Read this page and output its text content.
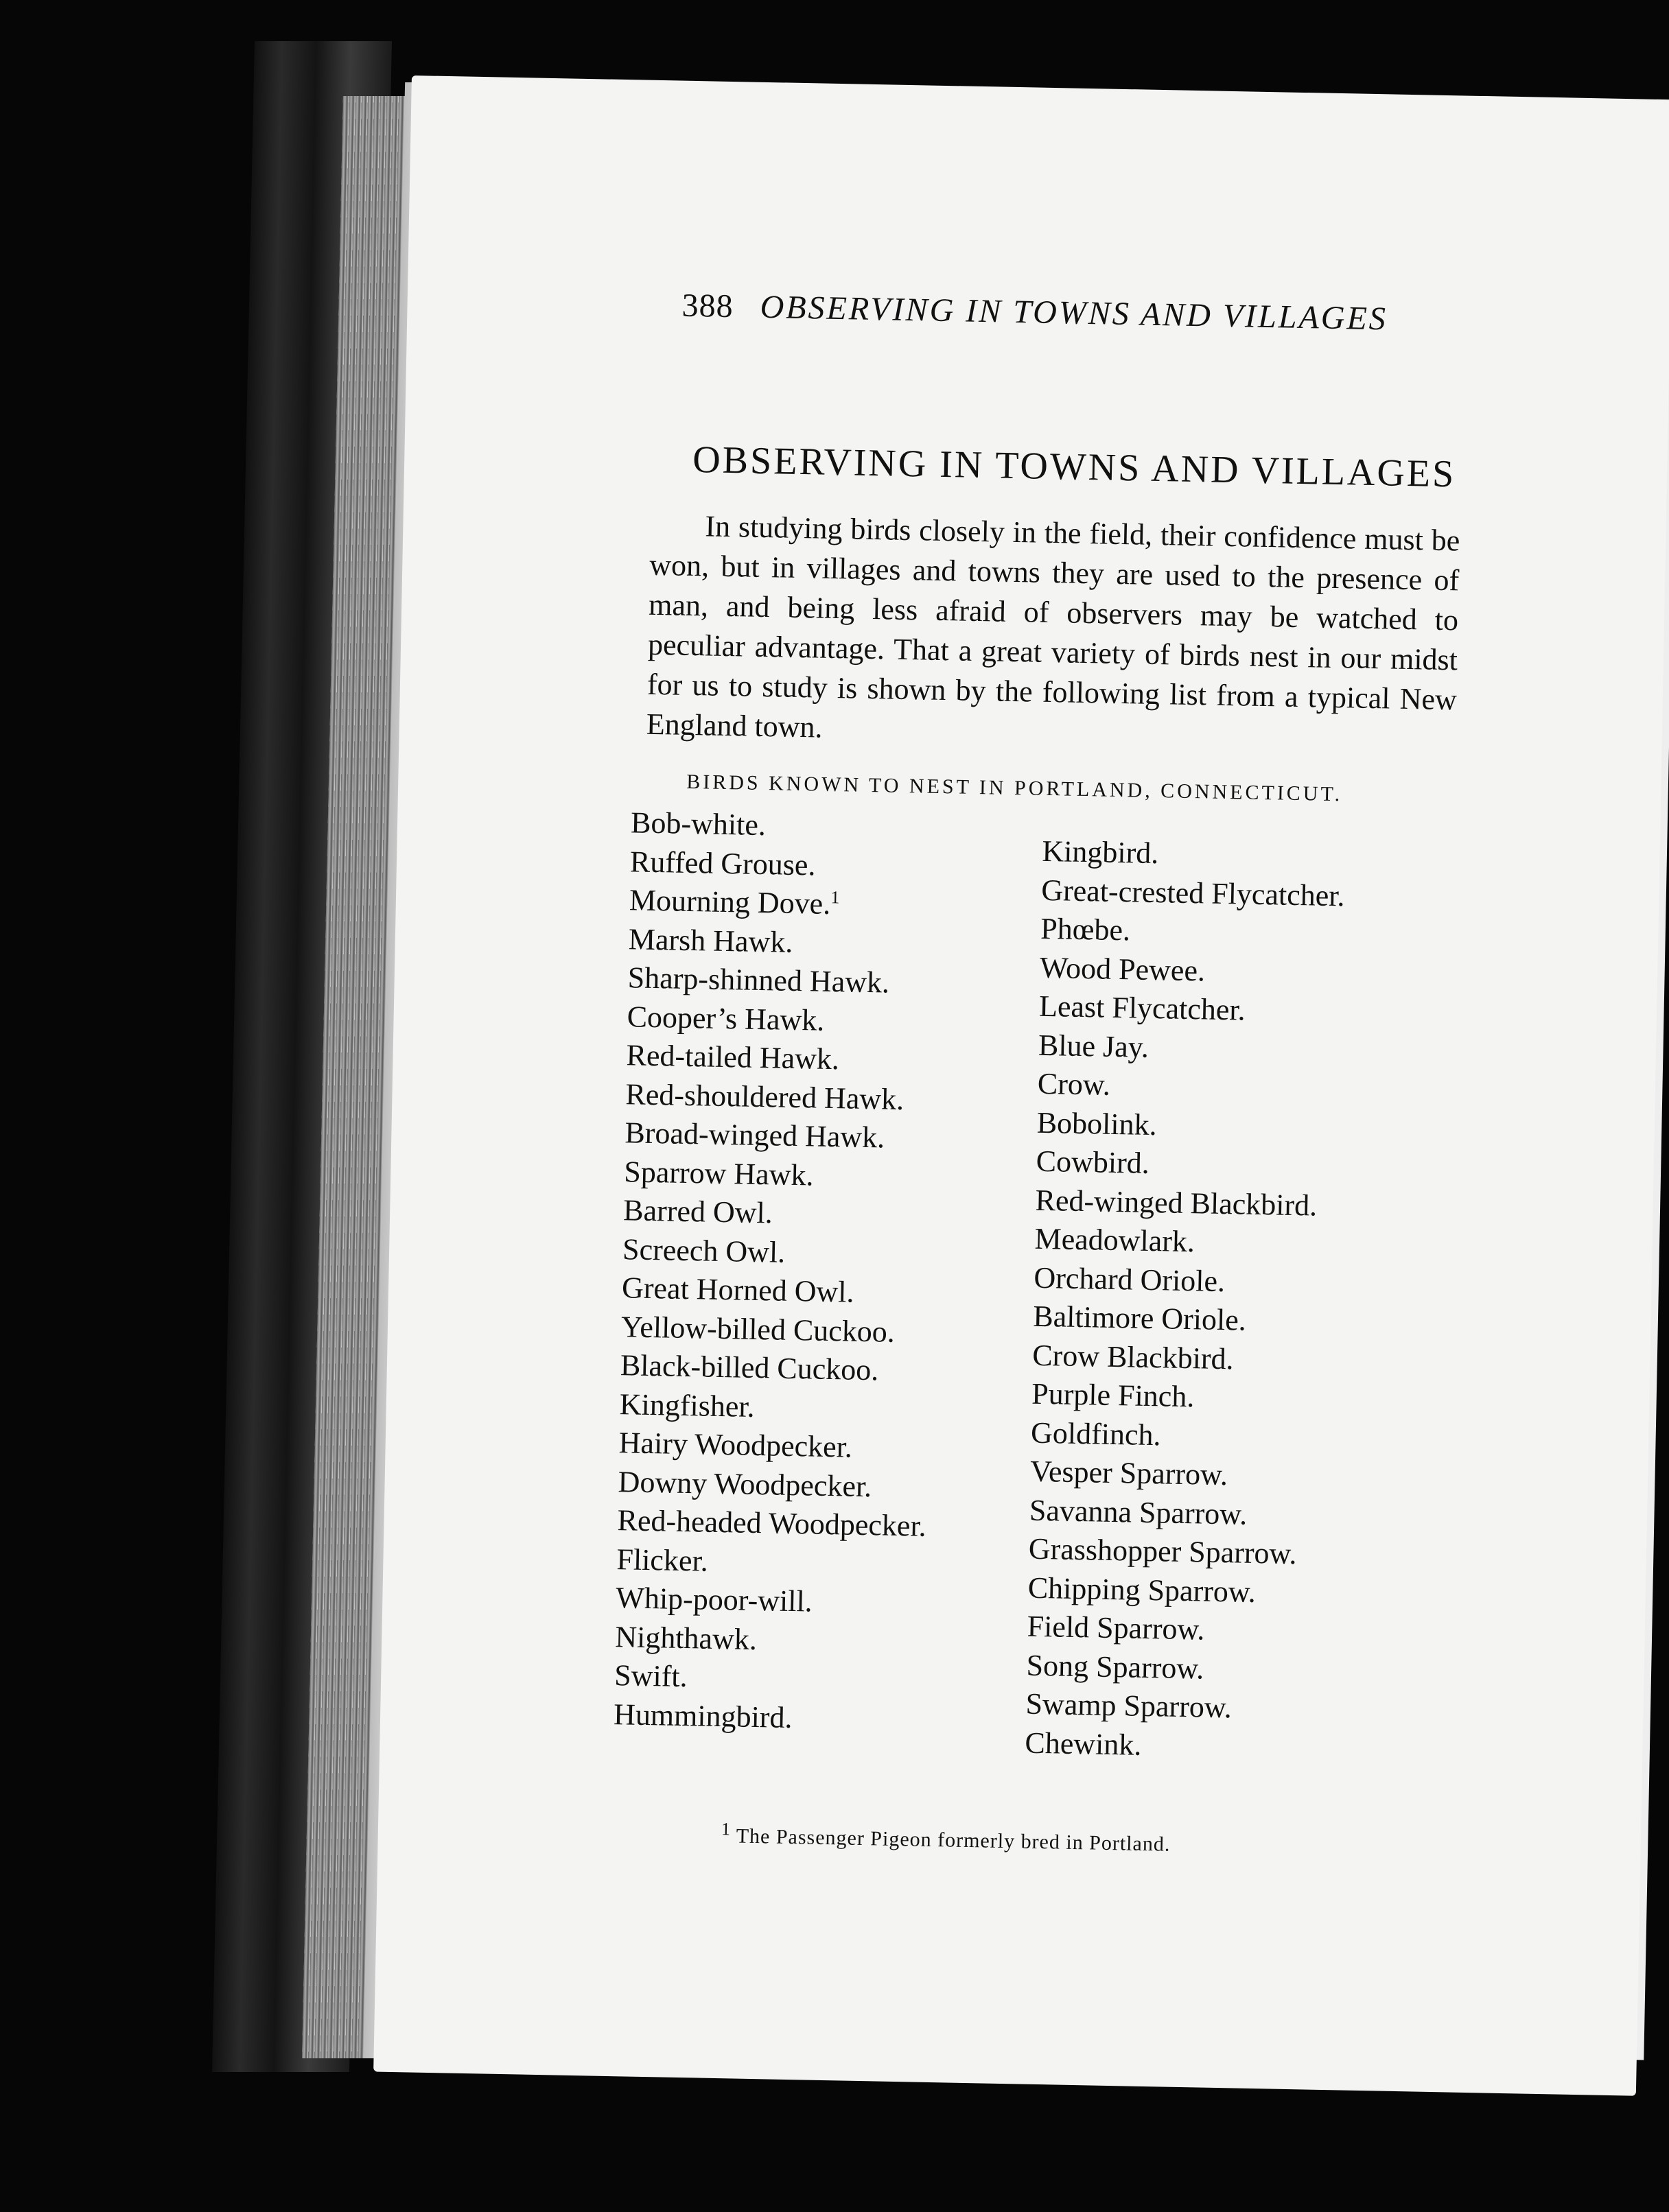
388 OBSERVING IN TOWNS AND VILLAGES
OBSERVING IN TOWNS AND VILLAGES
In studying birds closely in the field, their confidence must be won, but in villages and towns they are used to the presence of man, and being less afraid of observers may be watched to peculiar advantage. That a great variety of birds nest in our midst for us to study is shown by the following list from a typical New England town.
BIRDS KNOWN TO NEST IN PORTLAND, CONNECTICUT.
Bob-white.
Ruffed Grouse.
Mourning Dove.$^1$
Marsh Hawk.
Sharp-shinned Hawk.
Cooper’s Hawk.
Red-tailed Hawk.
Red-shouldered Hawk.
Broad-winged Hawk.
Sparrow Hawk.
Barred Owl.
Screech Owl.
Great Horned Owl.
Yellow-billed Cuckoo.
Black-billed Cuckoo.
Kingfisher.
Hairy Woodpecker.
Downy Woodpecker.
Red-headed Woodpecker.
Flicker.
Whip-poor-will.
Nighthawk.
Swift.
Hummingbird.
Kingbird.
Great-crested Flycatcher.
Phœbe.
Wood Pewee.
Least Flycatcher.
Blue Jay.
Crow.
Bobolink.
Cowbird.
Red-winged Blackbird.
Meadowlark.
Orchard Oriole.
Baltimore Oriole.
Crow Blackbird.
Purple Finch.
Goldfinch.
Vesper Sparrow.
Savanna Sparrow.
Grasshopper Sparrow.
Chipping Sparrow.
Field Sparrow.
Song Sparrow.
Swamp Sparrow.
Chewink.
$^1$ The Passenger Pigeon formerly bred in Portland.
